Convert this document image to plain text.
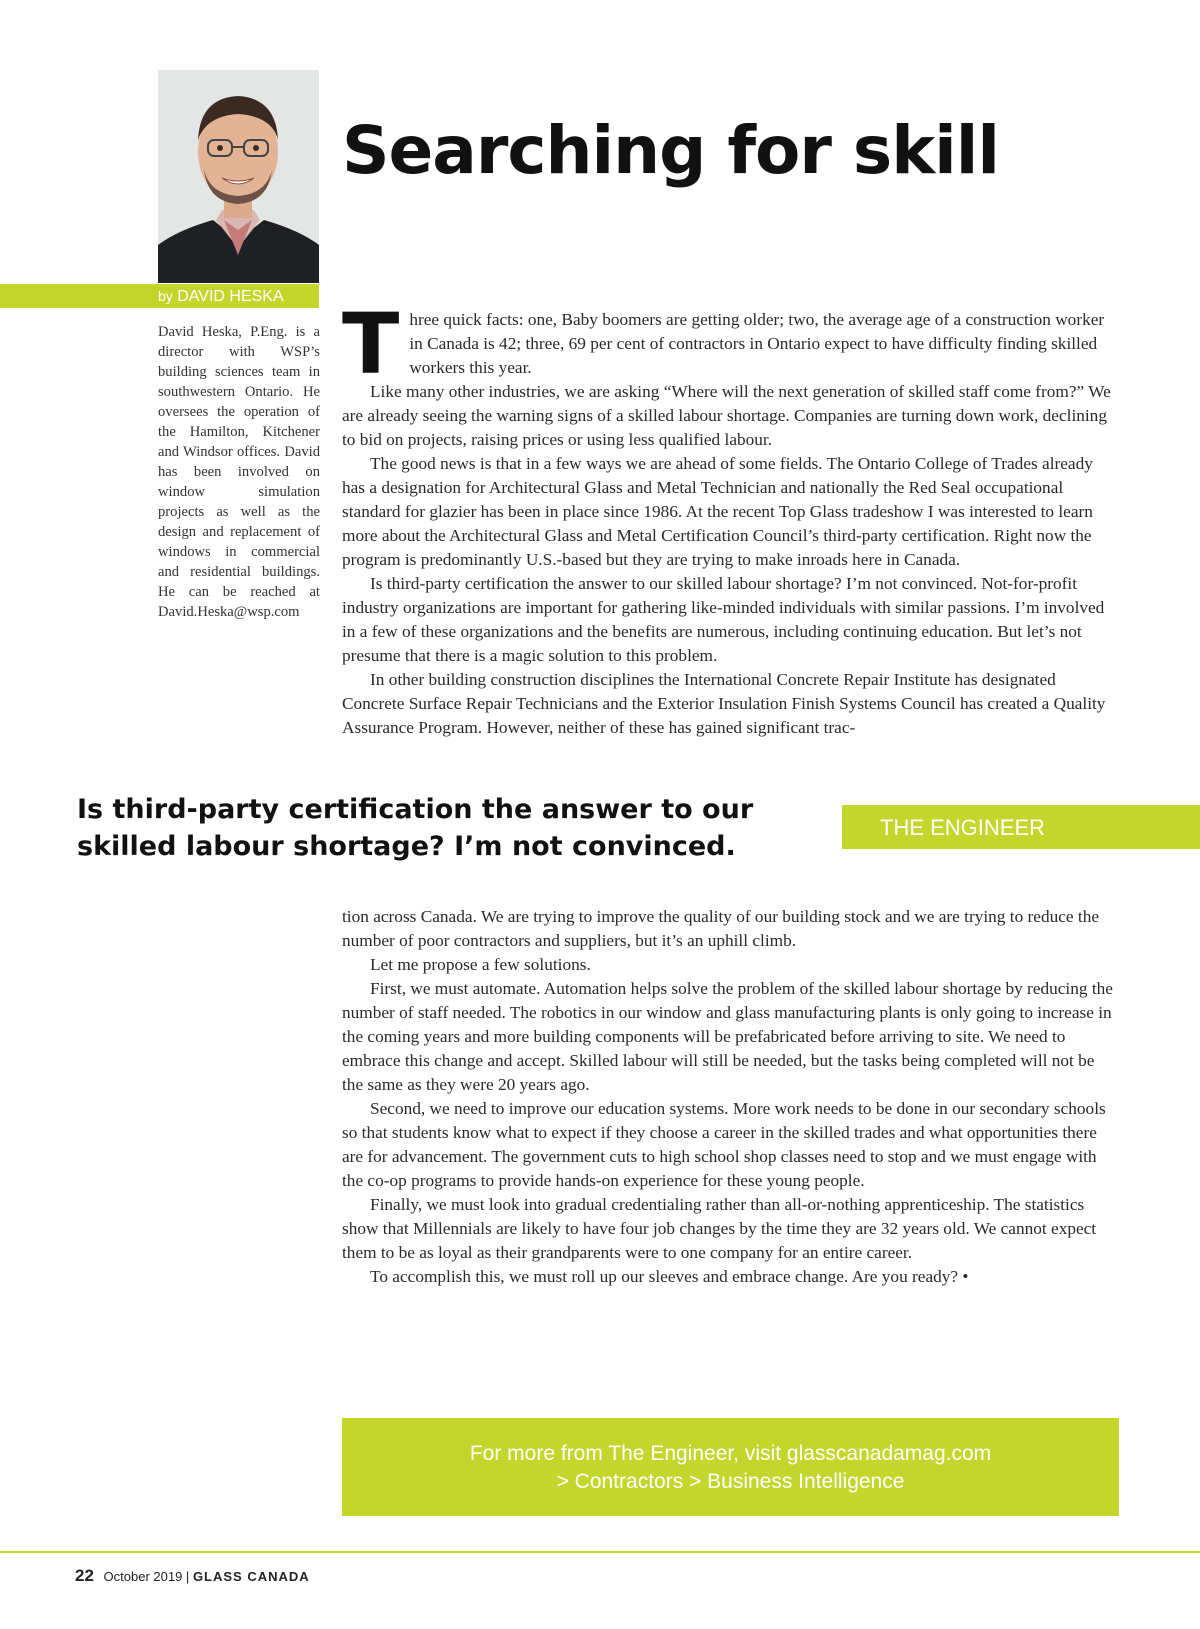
by DAVID HESKA
Searching for skill

David Heska, P.Eng. is a director with WSP’s building sciences team in southwestern Ontario. He oversees the operation of the Hamilton, Kitchener and Windsor offices. David has been involved on window simulation projects as well as the design and replacement of windows in commercial and residential buildings. He can be reached at David.Heska@wsp.com

Three quick facts: one, Baby boomers are getting older; two, the average age of a construction worker in Canada is 42; three, 69 per cent of contractors in Ontario expect to have difficulty finding skilled workers this year.

Like many other industries, we are asking “Where will the next generation of skilled staff come from?” We are already seeing the warning signs of a skilled labour shortage. Companies are turning down work, declining to bid on projects, raising prices or using less qualified labour.

The good news is that in a few ways we are ahead of some fields. The Ontario College of Trades already has a designation for Architectural Glass and Metal Technician and nationally the Red Seal occupational standard for glazier has been in place since 1986. At the recent Top Glass tradeshow I was interested to learn more about the Architectural Glass and Metal Certification Council’s third-party certification. Right now the program is predominantly U.S.-based but they are trying to make inroads here in Canada.

Is third-party certification the answer to our skilled labour shortage? I’m not convinced. Not-for-profit industry organizations are important for gathering like-minded individuals with similar passions. I’m involved in a few of these organizations and the benefits are numerous, including continuing education. But let’s not presume that there is a magic solution to this problem.

In other building construction disciplines the International Concrete Repair Institute has designated Concrete Surface Repair Technicians and the Exterior Insulation Finish Systems Council has created a Quality Assurance Program. However, neither of these has gained significant trac-

Is third-party certification the answer to our skilled labour shortage? I’m not convinced.

THE ENGINEER

tion across Canada. We are trying to improve the quality of our building stock and we are trying to reduce the number of poor contractors and suppliers, but it’s an uphill climb.

Let me propose a few solutions.

First, we must automate. Automation helps solve the problem of the skilled labour shortage by reducing the number of staff needed. The robotics in our window and glass manufacturing plants is only going to increase in the coming years and more building components will be prefabricated before arriving to site. We need to embrace this change and accept. Skilled labour will still be needed, but the tasks being completed will not be the same as they were 20 years ago.

Second, we need to improve our education systems. More work needs to be done in our secondary schools so that students know what to expect if they choose a career in the skilled trades and what opportunities there are for advancement. The government cuts to high school shop classes need to stop and we must engage with the co-op programs to provide hands-on experience for these young people.

Finally, we must look into gradual credentialing rather than all-or-nothing apprenticeship. The statistics show that Millennials are likely to have four job changes by the time they are 32 years old. We cannot expect them to be as loyal as their grandparents were to one company for an entire career.

To accomplish this, we must roll up our sleeves and embrace change. Are you ready? •

For more from The Engineer, visit glasscanadamag.com
> Contractors > Business Intelligence
22 October 2019 | GLASS CANADA
